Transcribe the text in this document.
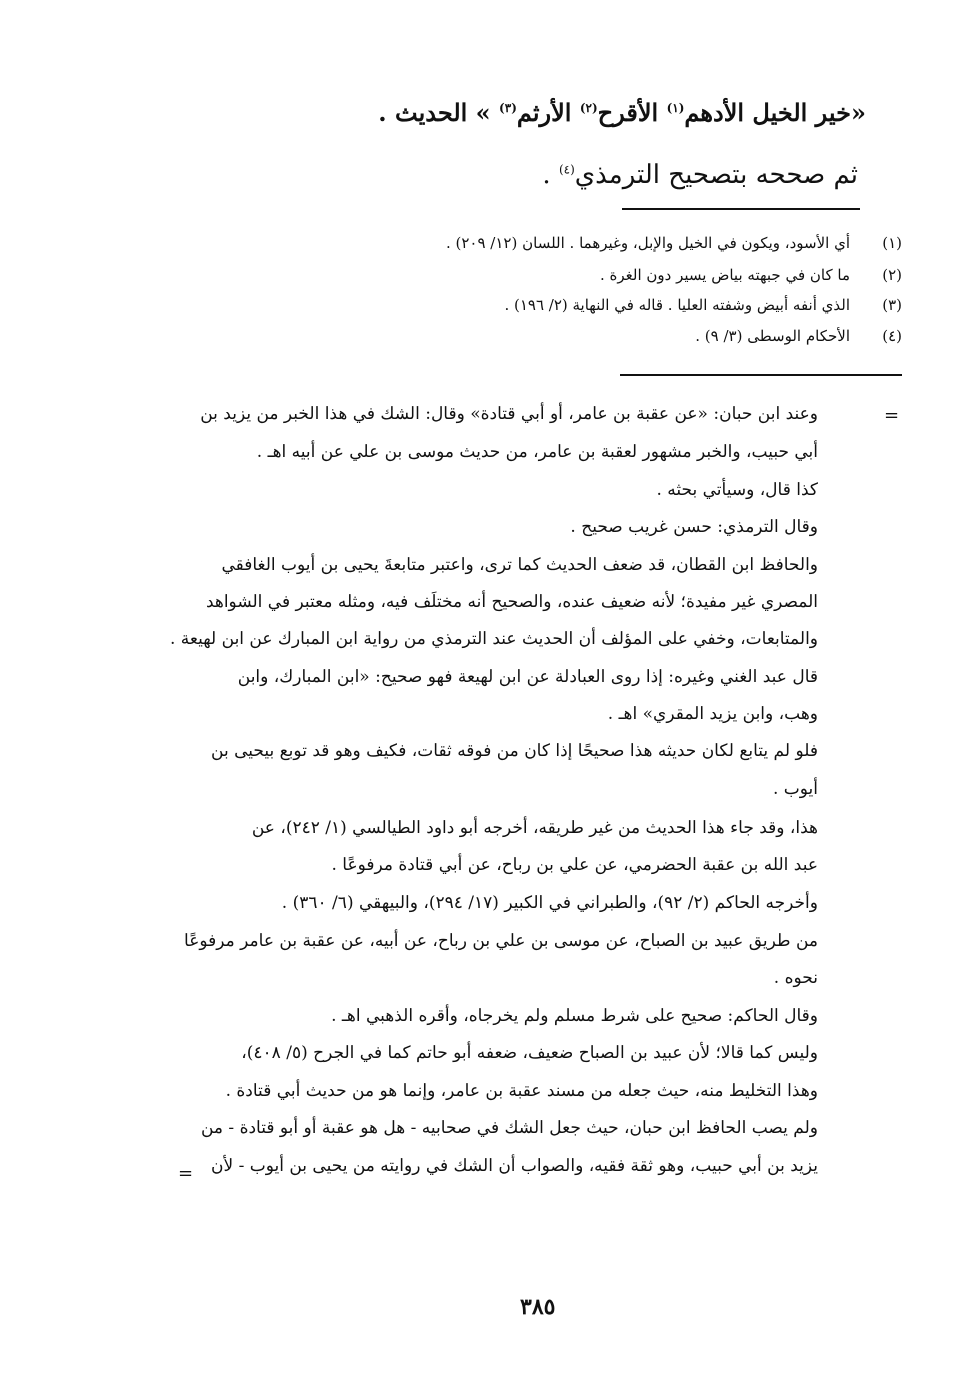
«خير الخيل الأدهم$^{(١)}$ الأقرح$^{(٢)}$ الأرثم$^{(٣)}$ » الحديث .
ثم صححه بتصحيح الترمذي$^{(٤)}$ .
(١)
أي الأسود، ويكون في الخيل والإبل، وغيرهما . اللسان (١٢/ ٢٠٩) .
(٢)
ما كان في جبهته بياض يسير دون الغرة .
(٣)
الذي أنفه أبيض وشفته العليا . قاله في النهاية (٢/ ١٩٦) .
(٤)
الأحكام الوسطى (٣/ ٩) .
=
وعند ابن حبان: «عن عقبة بن عامر، أو أبي قتادة» وقال: الشك في هذا الخبر من يزيد بن
أبي حبيب، والخبر مشهور لعقبة بن عامر، من حديث موسى بن علي عن أبيه اهـ .
كذا قال، وسيأتي بحثه .
وقال الترمذي: حسن غريب صحيح .
والحافظ ابن القطان، قد ضعف الحديث كما ترى، واعتبر متابعةَ يحيى بن أيوب الغافقي
المصري غير مفيدة؛ لأنه ضعيف عنده، والصحيح أنه مختلَف فيه، ومثله معتبر في الشواهد
والمتابعات، وخفي على المؤلف أن الحديث عند الترمذي من رواية ابن المبارك عن ابن لهيعة .
قال عبد الغني وغيره: إذا روى العبادلة عن ابن لهيعة فهو صحيح: «ابن المبارك، وابن
وهب، وابن يزيد المقري» اهـ .
فلو لم يتابع لكان حديثه هذا صحيحًا إذا كان من فوقه ثقات، فكيف وهو قد توبع بيحيى بن
أيوب .
هذا، وقد جاء هذا الحديث من غير طريقه، أخرجه أبو داود الطيالسي (١/ ٢٤٢)، عن
عبد الله بن عقبة الحضرمي، عن علي بن رباح، عن أبي قتادة مرفوعًا .
وأخرجه الحاكم (٢/ ٩٢)، والطبراني في الكبير (١٧/ ٢٩٤)، والبيهقي (٦/ ٣٦٠) .
من طريق عبيد بن الصباح، عن موسى بن علي بن رباح، عن أبيه، عن عقبة بن عامر مرفوعًا
نحوه .
وقال الحاكم: صحيح على شرط مسلم ولم يخرجاه، وأقره الذهبي اهـ .
وليس كما قالا؛ لأن عبيد بن الصباح ضعيف، ضعفه أبو حاتم كما في الجرح (٥/ ٤٠٨)،
وهذا التخليط منه، حيث جعله من مسند عقبة بن عامر، وإنما هو من حديث أبي قتادة .
ولم يصب الحافظ ابن حبان، حيث جعل الشك في صحابيه - هل هو عقبة أو أبو قتادة - من
يزيد بن أبي حبيب، وهو ثقة فقيه، والصواب أن الشك في روايته من يحيى بن أيوب - لأن
=
٣٨٥
